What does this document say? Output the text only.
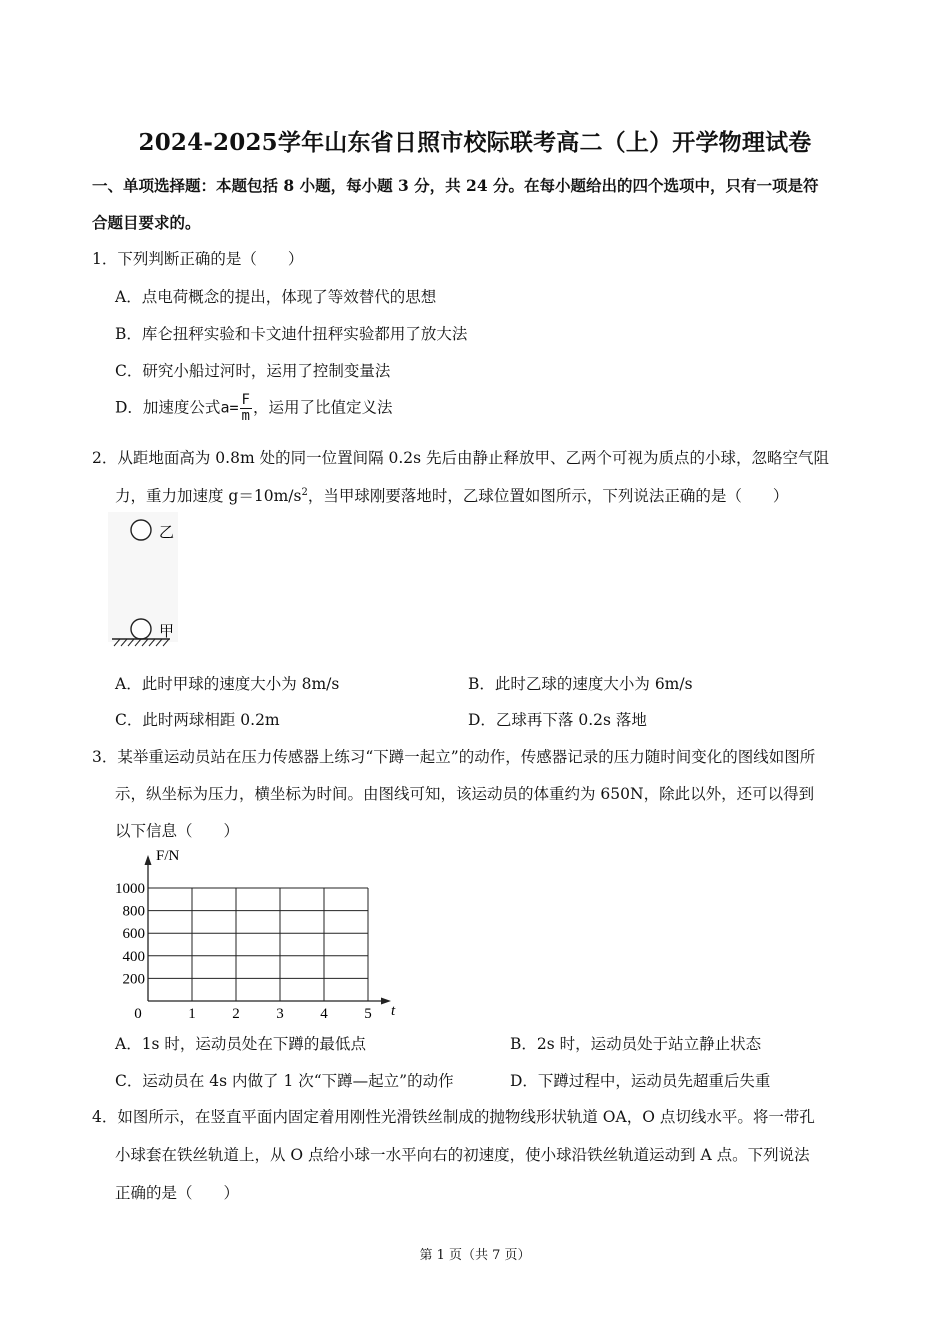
2024-2025学年山东省日照市校际联考高二（上）开学物理试卷
一、单项选择题：本题包括 8 小题，每小题 3 分，共 24 分。在每小题给出的四个选项中，只有一项是符
合题目要求的。
1．下列判断正确的是（　　）
A．点电荷概念的提出，体现了等效替代的思想
B．库仑扭秤实验和卡文迪什扭秤实验都用了放大法
C．研究小船过河时，运用了控制变量法
D．加速度公式$a= \frac{F}{m}$ ，运用了比值定义法
2．从距地面高为 0.8m 处的同一位置间隔 0.2s 先后由静止释放甲、乙两个可视为质点的小球，忽略空气阻
力，重力加速度 $g=10m/s^2$，当甲球刚要落地时，乙球位置如图所示，下列说法正确的是（　　）
乙
甲
A．此时甲球的速度大小为 8m/s	B．此时乙球的速度大小为 6m/s
C．此时两球相距 0.2m	D．乙球再下落 0.2s 落地
3．某举重运动员站在压力传感器上练习“下蹲一起立”的动作，传感器记录的压力随时间变化的图线如图所
示，纵坐标为压力，横坐标为时间。由图线可知，该运动员的体重约为 650N，除此以外，还可以得到
以下信息（　　）
F/N
t
200
400
600
800
1000
0	1 2 3 4 5
A．1s 时，运动员处在下蹲的最低点	B．2s 时，运动员处于站立静止状态
C．运动员在 4s 内做了 1 次“下蹲—起立”的动作	D．下蹲过程中，运动员先超重后失重
4．如图所示，在竖直平面内固定着用刚性光滑铁丝制成的抛物线形状轨道 OA，O 点切线水平。将一带孔
小球套在铁丝轨道上，从 O 点给小球一水平向右的初速度，使小球沿铁丝轨道运动到 A 点。下列说法
正确的是（　　）
第 1 页（共 7 页）
